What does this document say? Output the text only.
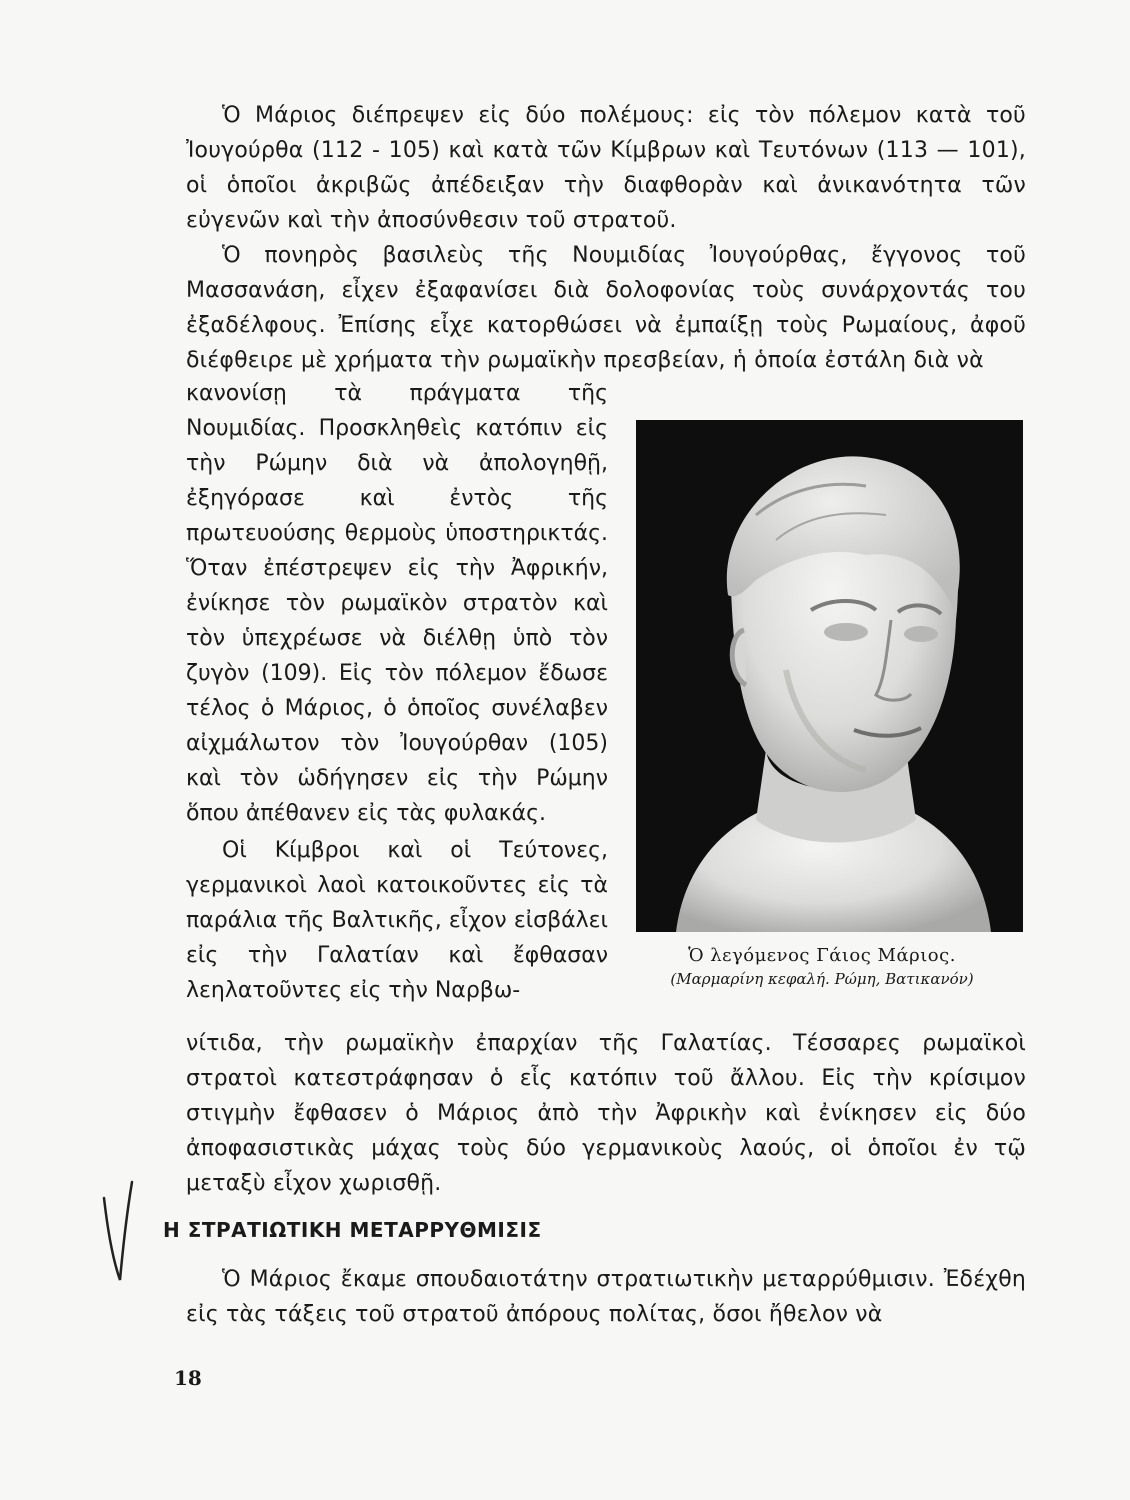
Ὁ Μάριος διέπρεψεν εἰς δύο πολέμους: εἰς τὸν πόλεμον κατὰ τοῦ Ἰουγούρθα (112 - 105) καὶ κατὰ τῶν Κίμβρων καὶ Τευτόνων (113 — 101), οἱ ὁποῖοι ἀκριβῶς ἀπέδειξαν τὴν διαφθορὰν καὶ ἀνικανότητα τῶν εὐγενῶν καὶ τὴν ἀποσύνθεσιν τοῦ στρατοῦ.

Ὁ πονηρὸς βασιλεὺς τῆς Νουμιδίας Ἰουγούρθας, ἔγγονος τοῦ Μασσανάση, εἶχεν ἐξαφανίσει διὰ δολοφονίας τοὺς συνάρχοντάς του ἐξαδέλφους. Ἐπίσης εἶχε κατορθώσει νὰ ἐμπαίξῃ τοὺς Ρωμαίους, ἀφοῦ διέφθειρε μὲ χρήματα τὴν ρωμαϊκὴν πρεσβείαν, ἡ ὁποία ἐστάλη διὰ νὰ

κανονίσῃ τὰ πράγματα τῆς Νουμιδίας. Προσκληθεὶς κατόπιν εἰς τὴν Ρώμην διὰ νὰ ἀπολογηθῇ, ἐξηγόρασε καὶ ἐντὸς τῆς πρωτευούσης θερμοὺς ὑποστηρικτάς. Ὅταν ἐπέστρεψεν εἰς τὴν Ἀφρικήν, ἐνίκησε τὸν ρωμαϊκὸν στρατὸν καὶ τὸν ὑπεχρέωσε νὰ διέλθῃ ὑπὸ τὸν ζυγὸν (109). Εἰς τὸν πόλεμον ἔδωσε τέλος ὁ Μάριος, ὁ ὁποῖος συνέλαβεν αἰχμάλωτον τὸν Ἰουγούρθαν (105) καὶ τὸν ὡδήγησεν εἰς τὴν Ρώμην ὅπου ἀπέθανεν εἰς τὰς φυλακάς.

Οἱ Κίμβροι καὶ οἱ Τεύτονες, γερμανικοὶ λαοὶ κατοικοῦντες εἰς τὰ παράλια τῆς Βαλτικῆς, εἶχον εἰσβάλει εἰς τὴν Γαλατίαν καὶ ἔφθασαν λεηλατοῦντες εἰς τὴν Ναρβω-

Ὁ λεγόμενος Γάιος Μάριος.
(Μαρμαρίνη κεφαλή. Ρώμη, Βατικανόν)

νίτιδα, τὴν ρωμαϊκὴν ἐπαρχίαν τῆς Γαλατίας. Τέσσαρες ρωμαϊκοὶ στρατοὶ κατεστράφησαν ὁ εἷς κατόπιν τοῦ ἄλλου. Εἰς τὴν κρίσιμον στιγμὴν ἔφθασεν ὁ Μάριος ἀπὸ τὴν Ἀφρικὴν καὶ ἐνίκησεν εἰς δύο ἀποφασιστικὰς μάχας τοὺς δύο γερμανικοὺς λαούς, οἱ ὁποῖοι ἐν τῷ μεταξὺ εἶχον χωρισθῇ.

Η ΣΤΡΑΤΙΩΤΙΚΗ ΜΕΤΑΡΡΥΘΜΙΣΙΣ

Ὁ Μάριος ἔκαμε σπουδαιοτάτην στρατιωτικὴν μεταρρύθμισιν. Ἐδέχθη εἰς τὰς τάξεις τοῦ στρατοῦ ἀπόρους πολίτας, ὅσοι ἤθελον νὰ

18
